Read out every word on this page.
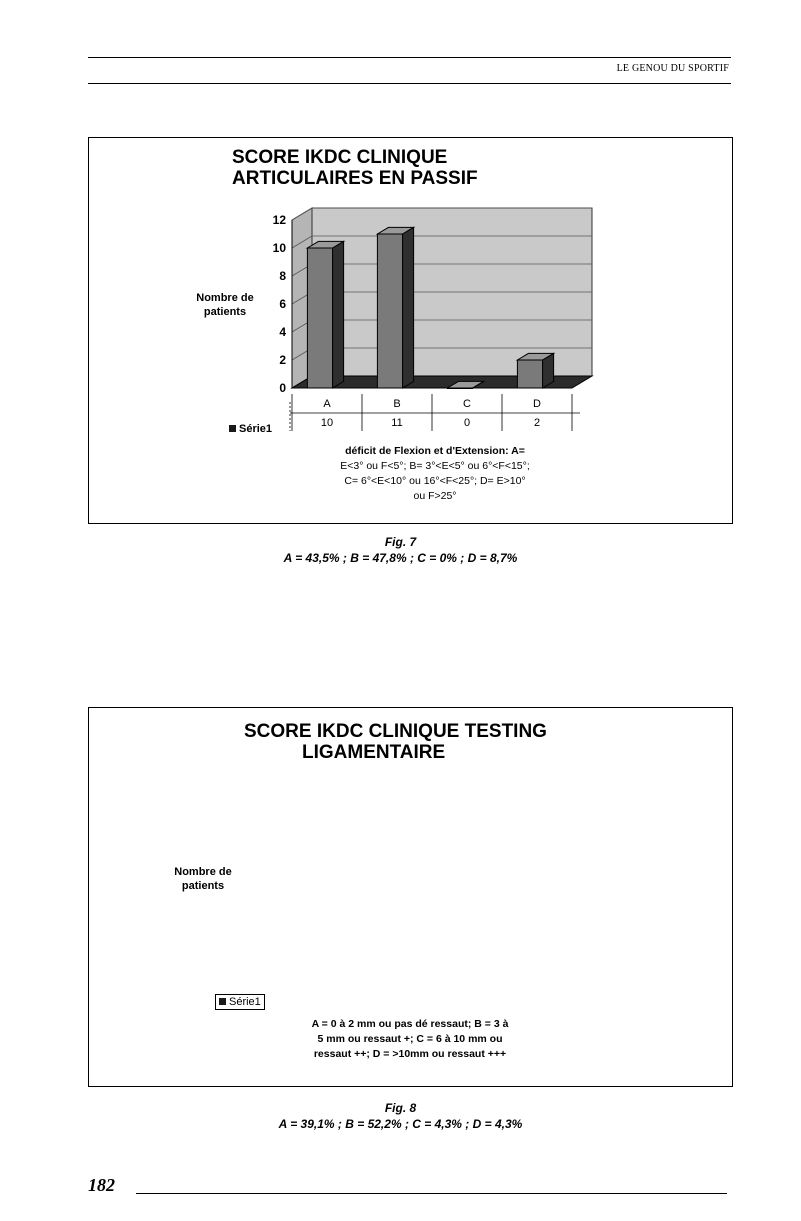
LE GENOU DU SPORTIF
SCORE IKDC CLINIQUE
ARTICULAIRES EN PASSIF
Nombre de
patients
0
2
4
6
8
10
12
A
10
B
11
C
0
D
2
Série1
déficit de Flexion et d'Extension: A=
E<3° ou F<5°; B= 3°<E<5° ou 6°<F<15°;
C= 6°<E<10° ou 16°<F<25°; D= E>10°
ou F>25°
Fig. 7
A = 43,5% ; B = 47,8% ; C = 0% ; D = 8,7%
SCORE IKDC CLINIQUE TESTING
LIGAMENTAIRE
Nombre de
patients
Série1
A = 0 à 2 mm ou pas dé ressaut; B = 3 à
5 mm ou ressaut +; C = 6 à 10 mm ou
ressaut ++; D = >10mm ou ressaut +++
Fig. 8
A = 39,1% ; B = 52,2% ; C = 4,3% ; D = 4,3%
182
